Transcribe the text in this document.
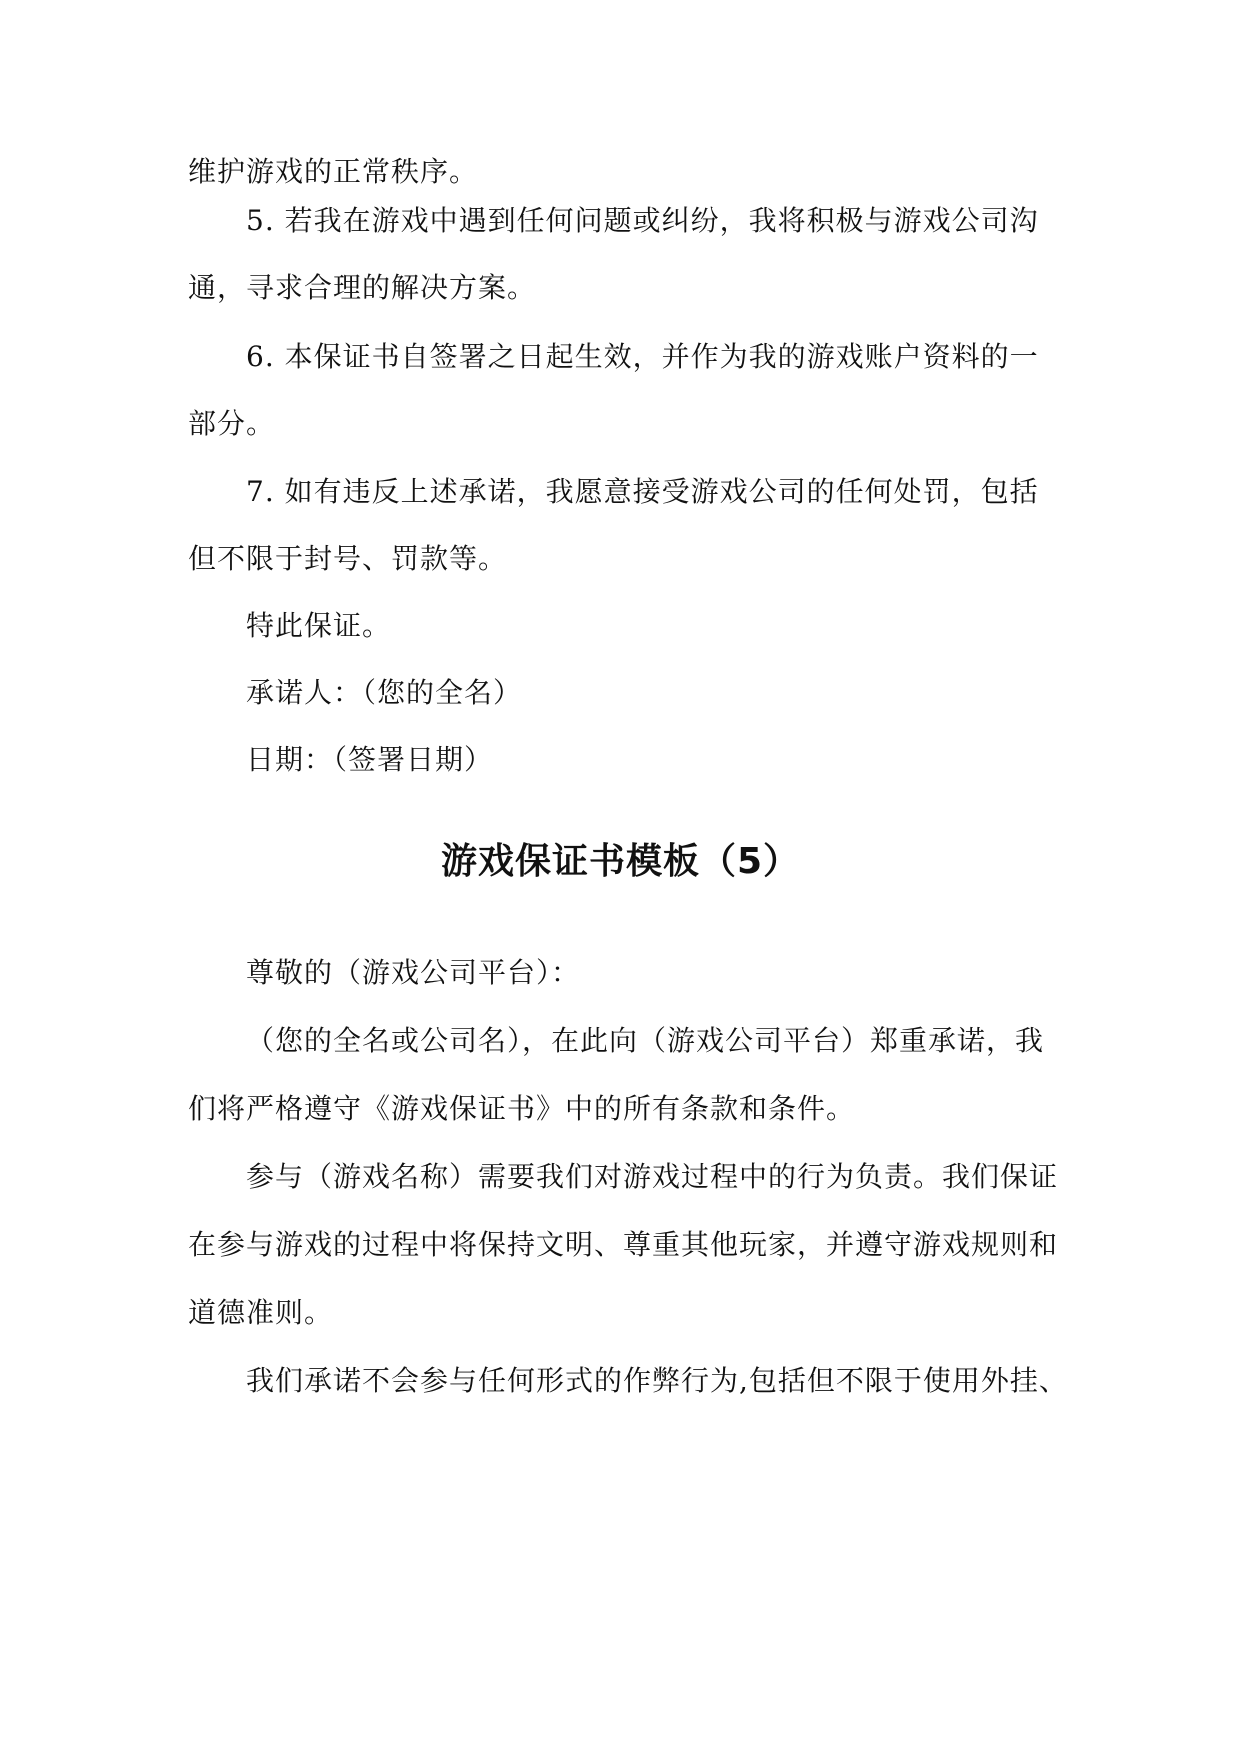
维护游戏的正常秩序。
5. 若我在游戏中遇到任何问题或纠纷，我将积极与游戏公司沟
通，寻求合理的解决方案。
6. 本保证书自签署之日起生效，并作为我的游戏账户资料的一
部分。
7. 如有违反上述承诺，我愿意接受游戏公司的任何处罚，包括
但不限于封号、罚款等。
特此保证。
承诺人：（您的全名）
日期：（签署日期）
游戏保证书模板（5）
尊敬的（游戏公司平台）：
（您的全名或公司名），在此向（游戏公司平台）郑重承诺，我
们将严格遵守《游戏保证书》中的所有条款和条件。
参与（游戏名称）需要我们对游戏过程中的行为负责。我们保证
在参与游戏的过程中将保持文明、尊重其他玩家，并遵守游戏规则和
道德准则。
我们承诺不会参与任何形式的作弊行为,包括但不限于使用外挂、
